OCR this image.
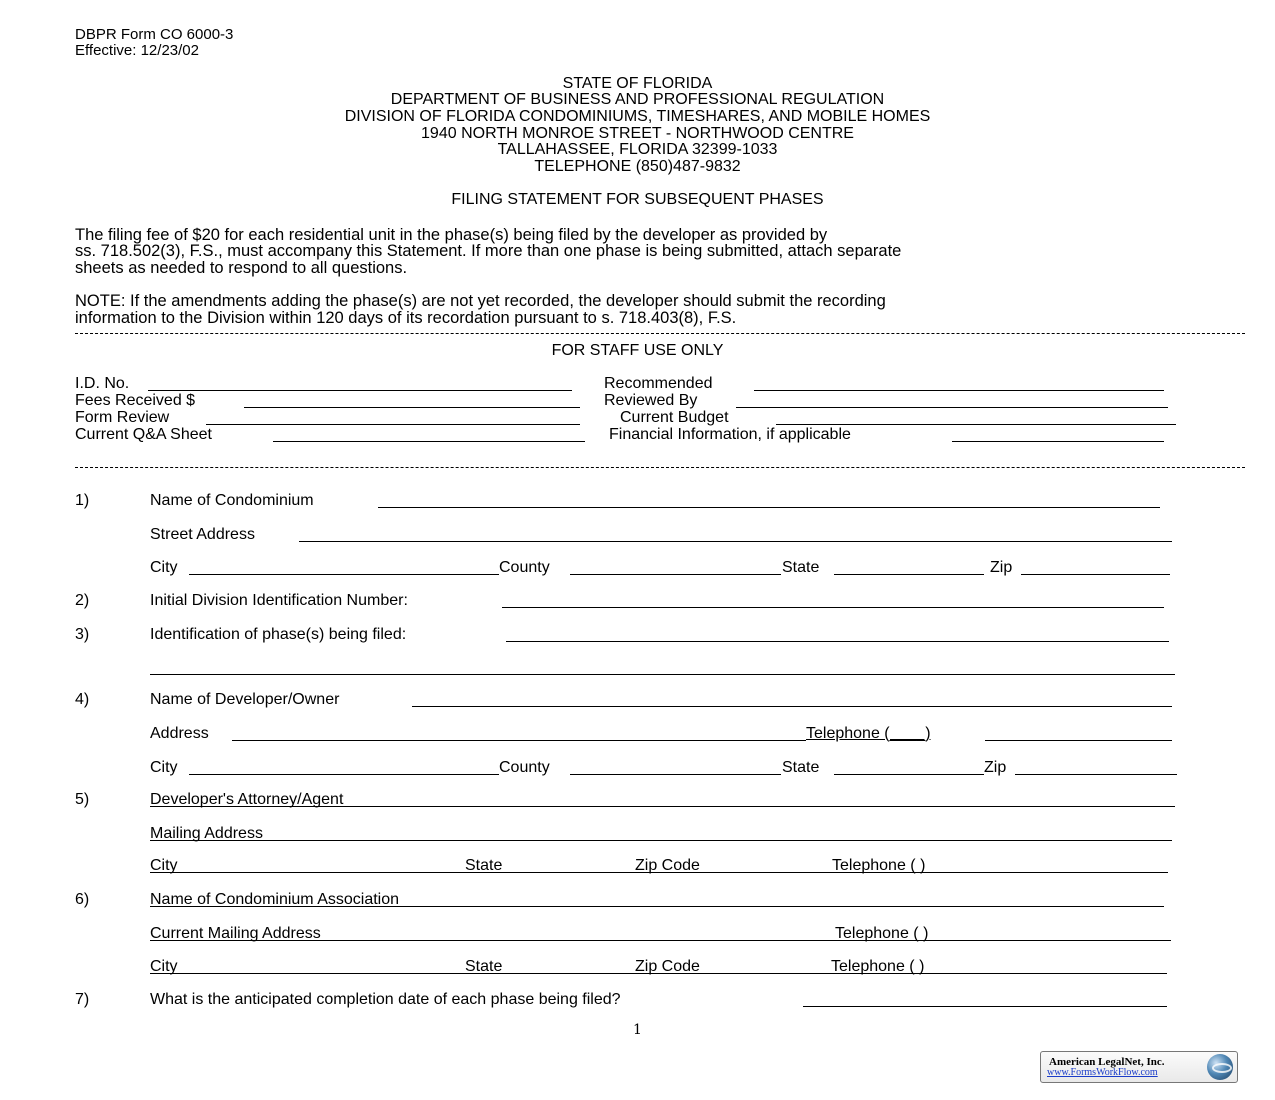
DBPR Form CO 6000-3
Effective: 12/23/02
STATE OF FLORIDA
DEPARTMENT OF BUSINESS AND PROFESSIONAL REGULATION
DIVISION OF FLORIDA CONDOMINIUMS, TIMESHARES, AND MOBILE HOMES
1940 NORTH MONROE STREET - NORTHWOOD CENTRE
TALLAHASSEE, FLORIDA 32399-1033
TELEPHONE (850)487-9832
FILING STATEMENT FOR SUBSEQUENT PHASES
The filing fee of $20 for each residential unit in the phase(s) being filed by the developer as provided by
ss. 718.502(3), F.S., must accompany this Statement. If more than one phase is being submitted, attach separate
sheets as needed to respond to all questions.
NOTE: If the amendments adding the phase(s) are not yet recorded, the developer should submit the recording
information to the Division within 120 days of its recordation pursuant to s. 718.403(8), F.S.
FOR STAFF USE ONLY
I.D. No.	Recommended
Fees Received $	Reviewed By
Form Review	Current Budget
Current Q&A Sheet	Financial Information, if applicable
1)	Name of Condominium
Street Address
City	County	State	Zip
2)	Initial Division Identification Number:
3)	Identification of phase(s) being filed:
4)	Name of Developer/Owner
Address	Telephone (____)
City	County	State	Zip
5)	Developer's Attorney/Agent
Mailing Address
City	State	Zip Code	Telephone ( )
6)	Name of Condominium Association
Current Mailing Address	Telephone ( )
City	State	Zip Code	Telephone ( )
7)	What is the anticipated completion date of each phase being filed?
1
American LegalNet, Inc.
www.FormsWorkFlow.com
